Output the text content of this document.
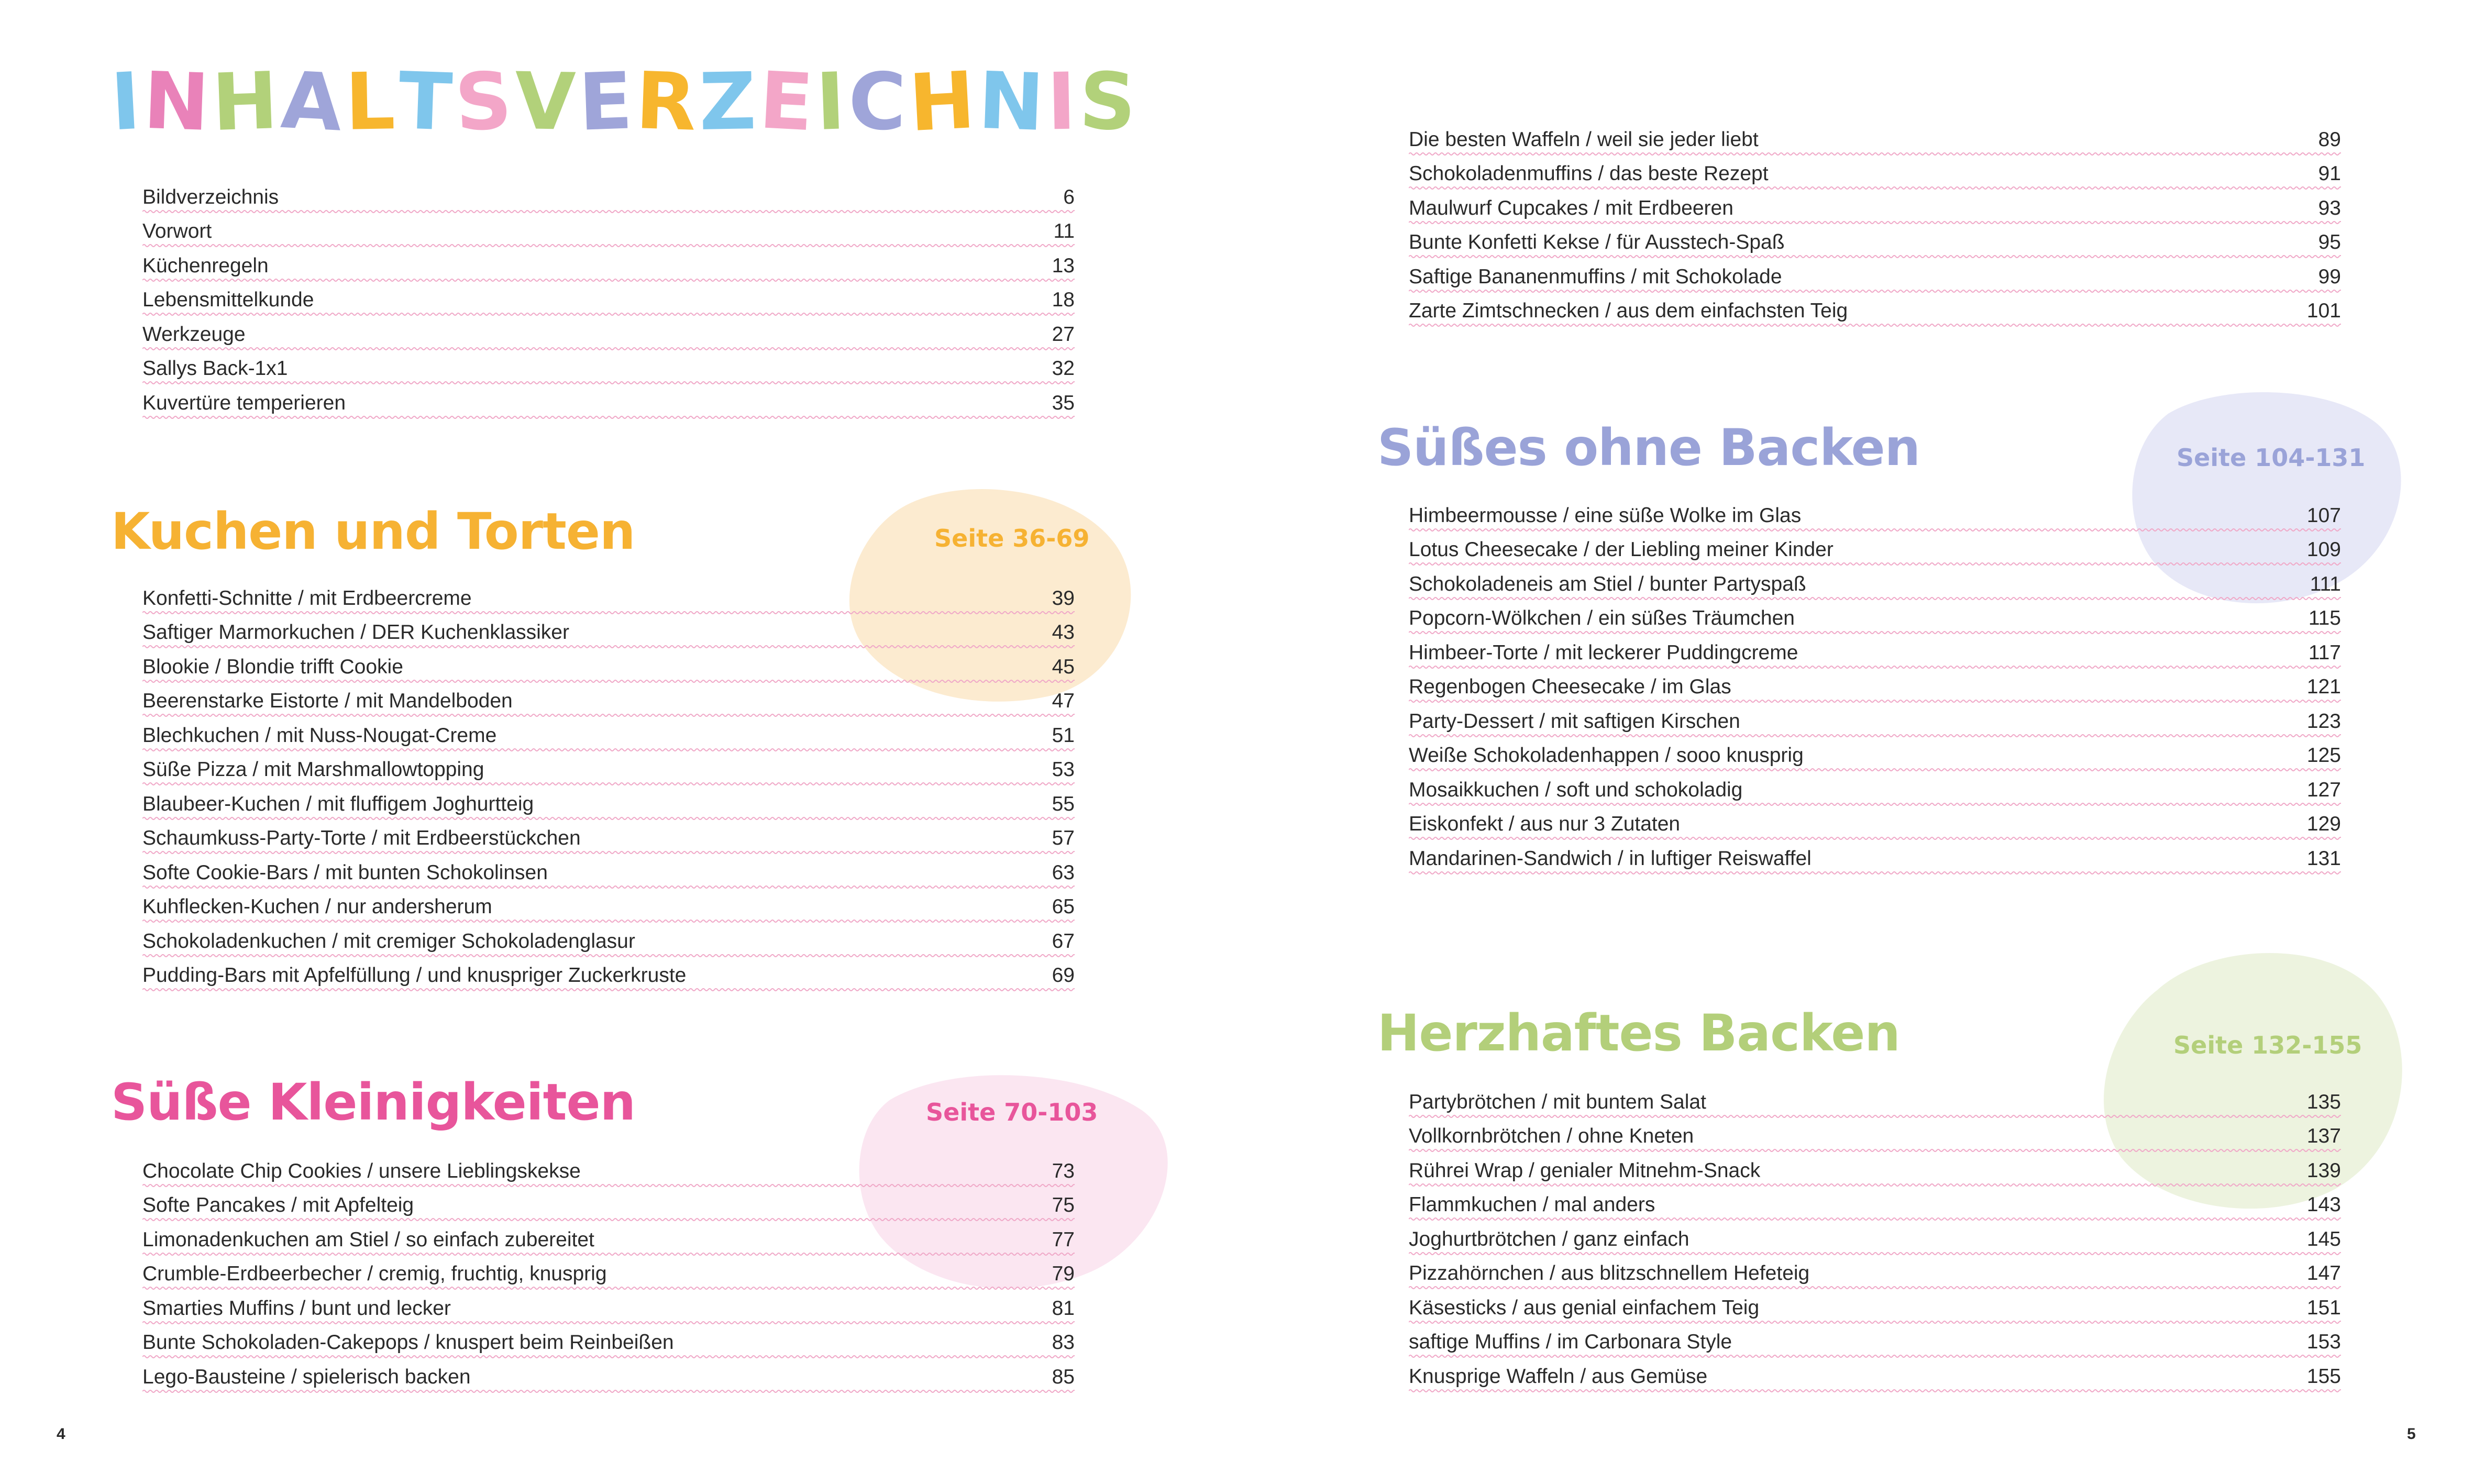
INHALTSVERZEICHNIS
Bildverzeichnis	6
Vorwort	11
Küchenregeln	13
Lebensmittelkunde	18
Werkzeuge	27
Sallys Back-1x1	32
Kuvertüre temperieren	35
Kuchen und Torten	Seite 36-69
Konfetti-Schnitte / mit Erdbeercreme	39
Saftiger Marmorkuchen / DER Kuchenklassiker	43
Blookie / Blondie trifft Cookie	45
Beerenstarke Eistorte / mit Mandelboden	47
Blechkuchen / mit Nuss-Nougat-Creme	51
Süße Pizza / mit Marshmallowtopping	53
Blaubeer-Kuchen / mit fluffigem Joghurtteig	55
Schaumkuss-Party-Torte / mit Erdbeerstückchen	57
Softe Cookie-Bars / mit bunten Schokolinsen	63
Kuhflecken-Kuchen / nur andersherum	65
Schokoladenkuchen / mit cremiger Schokoladenglasur	67
Pudding-Bars mit Apfelfüllung / und knuspriger Zuckerkruste	69
Süße Kleinigkeiten	Seite 70-103
Chocolate Chip Cookies / unsere Lieblingskekse	73
Softe Pancakes / mit Apfelteig	75
Limonadenkuchen am Stiel / so einfach zubereitet	77
Crumble-Erdbeerbecher / cremig, fruchtig, knusprig	79
Smarties Muffins / bunt und lecker	81
Bunte Schokoladen-Cakepops / knuspert beim Reinbeißen	83
Lego-Bausteine / spielerisch backen	85
Die besten Waffeln / weil sie jeder liebt	89
Schokoladenmuffins / das beste Rezept	91
Maulwurf Cupcakes / mit Erdbeeren	93
Bunte Konfetti Kekse / für Ausstech-Spaß	95
Saftige Bananenmuffins / mit Schokolade	99
Zarte Zimtschnecken / aus dem einfachsten Teig	101
Süßes ohne Backen	Seite 104-131
Himbeermousse / eine süße Wolke im Glas	107
Lotus Cheesecake / der Liebling meiner Kinder	109
Schokoladeneis am Stiel / bunter Partyspaß	111
Popcorn-Wölkchen / ein süßes Träumchen	115
Himbeer-Torte / mit leckerer Puddingcreme	117
Regenbogen Cheesecake / im Glas	121
Party-Dessert / mit saftigen Kirschen	123
Weiße Schokoladenhappen / sooo knusprig	125
Mosaikkuchen / soft und schokoladig	127
Eiskonfekt / aus nur 3 Zutaten	129
Mandarinen-Sandwich / in luftiger Reiswaffel	131
Herzhaftes Backen	Seite 132-155
Partybrötchen / mit buntem Salat	135
Vollkornbrötchen / ohne Kneten	137
Rührei Wrap / genialer Mitnehm-Snack	139
Flammkuchen / mal anders	143
Joghurtbrötchen / ganz einfach	145
Pizzahörnchen / aus blitzschnellem Hefeteig	147
Käsesticks / aus genial einfachem Teig	151
saftige Muffins / im Carbonara Style	153
Knusprige Waffeln / aus Gemüse	155
4	5
